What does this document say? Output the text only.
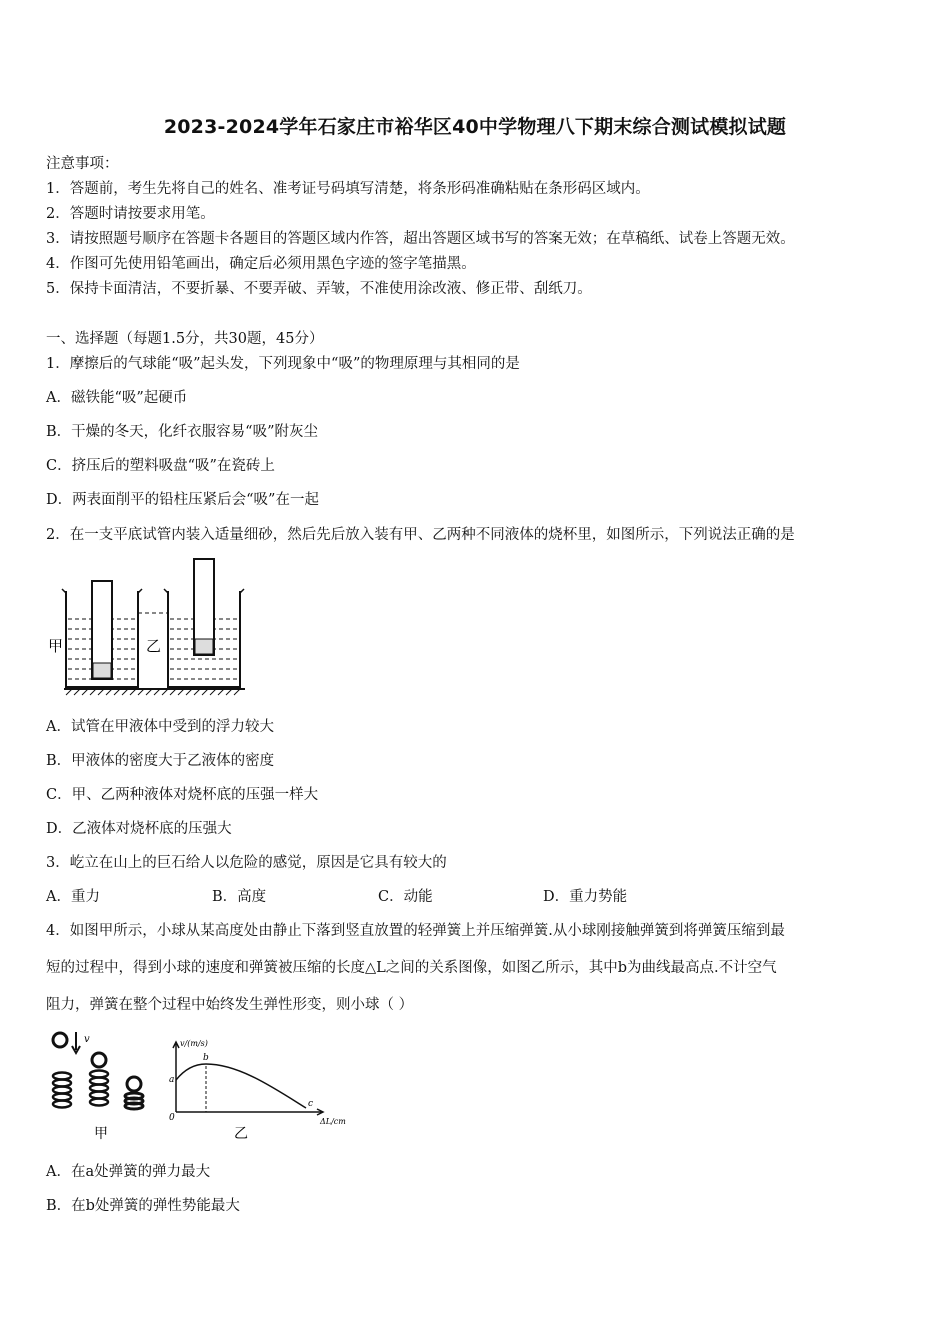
2023-2024学年石家庄市裕华区40中学物理八下期末综合测试模拟试题
注意事项：
1．答题前，考生先将自己的姓名、准考证号码填写清楚，将条形码准确粘贴在条形码区域内。
2．答题时请按要求用笔。
3．请按照题号顺序在答题卡各题目的答题区域内作答，超出答题区域书写的答案无效；在草稿纸、试卷上答题无效。
4．作图可先使用铅笔画出，确定后必须用黑色字迹的签字笔描黑。
5．保持卡面清洁，不要折暴、不要弄破、弄皱，不准使用涂改液、修正带、刮纸刀。
一、选择题（每题1.5分，共30题，45分）
1．摩擦后的气球能“吸”起头发，下列现象中“吸”的物理原理与其相同的是
A．磁铁能“吸”起硬币
B．干燥的冬天，化纤衣服容易“吸”附灰尘
C．挤压后的塑料吸盘“吸”在瓷砖上
D．两表面削平的铅柱压紧后会“吸”在一起
2．在一支平底试管内装入适量细砂，然后先后放入装有甲、乙两种不同液体的烧杯里，如图所示，下列说法正确的是
甲	乙
A．试管在甲液体中受到的浮力较大
B．甲液体的密度大于乙液体的密度
C．甲、乙两种液体对烧杯底的压强一样大
D．乙液体对烧杯底的压强大
3．屹立在山上的巨石给人以危险的感觉，原因是它具有较大的
A．重力	B．高度	C．动能	D．重力势能
4．如图甲所示，小球从某高度处由静止下落到竖直放置的轻弹簧上并压缩弹簧.从小球刚接触弹簧到将弹簧压缩到最
短的过程中，得到小球的速度和弹簧被压缩的长度△L之间的关系图像，如图乙所示，其中b为曲线最高点.不计空气
阻力，弹簧在整个过程中始终发生弹性形变，则小球（ ）
v
甲
v/(m/s)
ΔL/cm
a
b
c
0
乙
A．在a处弹簧的弹力最大
B．在b处弹簧的弹性势能最大
